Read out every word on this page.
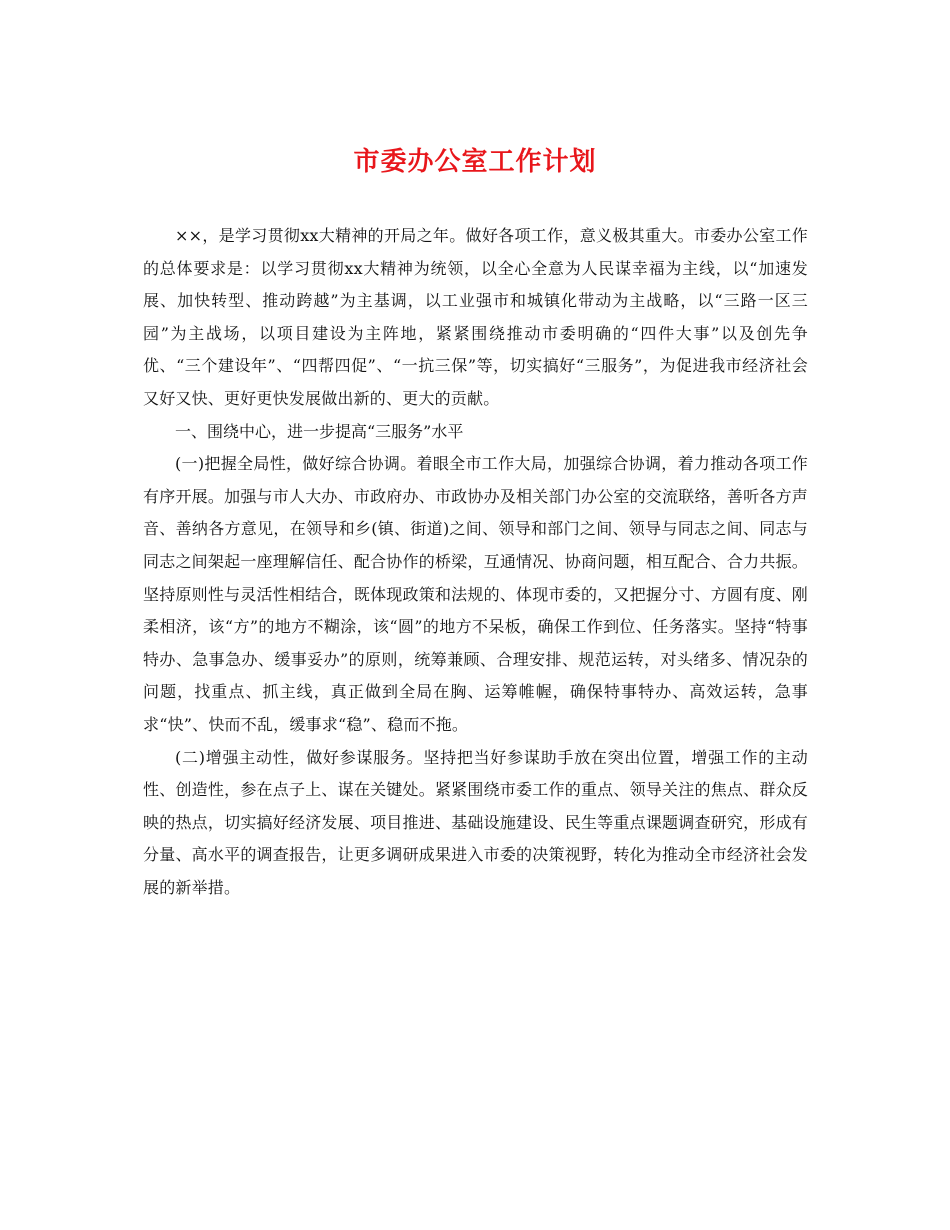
市委办公室工作计划

××，是学习贯彻xx大精神的开局之年。做好各项工作，意义极其重大。市委办公室工作的总体要求是：以学习贯彻xx大精神为统领，以全心全意为人民谋幸福为主线，以“加速发展、加快转型、推动跨越”为主基调，以工业强市和城镇化带动为主战略，以“三路一区三园”为主战场，以项目建设为主阵地，紧紧围绕推动市委明确的“四件大事”以及创先争优、“三个建设年”、“四帮四促”、“一抗三保”等，切实搞好“三服务”，为促进我市经济社会又好又快、更好更快发展做出新的、更大的贡献。

一、围绕中心，进一步提高“三服务”水平

(一)把握全局性，做好综合协调。着眼全市工作大局，加强综合协调，着力推动各项工作有序开展。加强与市人大办、市政府办、市政协办及相关部门办公室的交流联络，善听各方声音、善纳各方意见，在领导和乡(镇、街道)之间、领导和部门之间、领导与同志之间、同志与同志之间架起一座理解信任、配合协作的桥梁，互通情况、协商问题，相互配合、合力共振。坚持原则性与灵活性相结合，既体现政策和法规的、体现市委的，又把握分寸、方圆有度、刚柔相济，该“方”的地方不糊涂，该“圆”的地方不呆板，确保工作到位、任务落实。坚持“特事特办、急事急办、缓事妥办”的原则，统筹兼顾、合理安排、规范运转，对头绪多、情况杂的问题，找重点、抓主线，真正做到全局在胸、运筹帷幄，确保特事特办、高效运转，急事求“快”、快而不乱，缓事求“稳”、稳而不拖。

(二)增强主动性，做好参谋服务。坚持把当好参谋助手放在突出位置，增强工作的主动性、创造性，参在点子上、谋在关键处。紧紧围绕市委工作的重点、领导关注的焦点、群众反映的热点，切实搞好经济发展、项目推进、基础设施建设、民生等重点课题调查研究，形成有分量、高水平的调查报告，让更多调研成果进入市委的决策视野，转化为推动全市经济社会发展的新举措。
